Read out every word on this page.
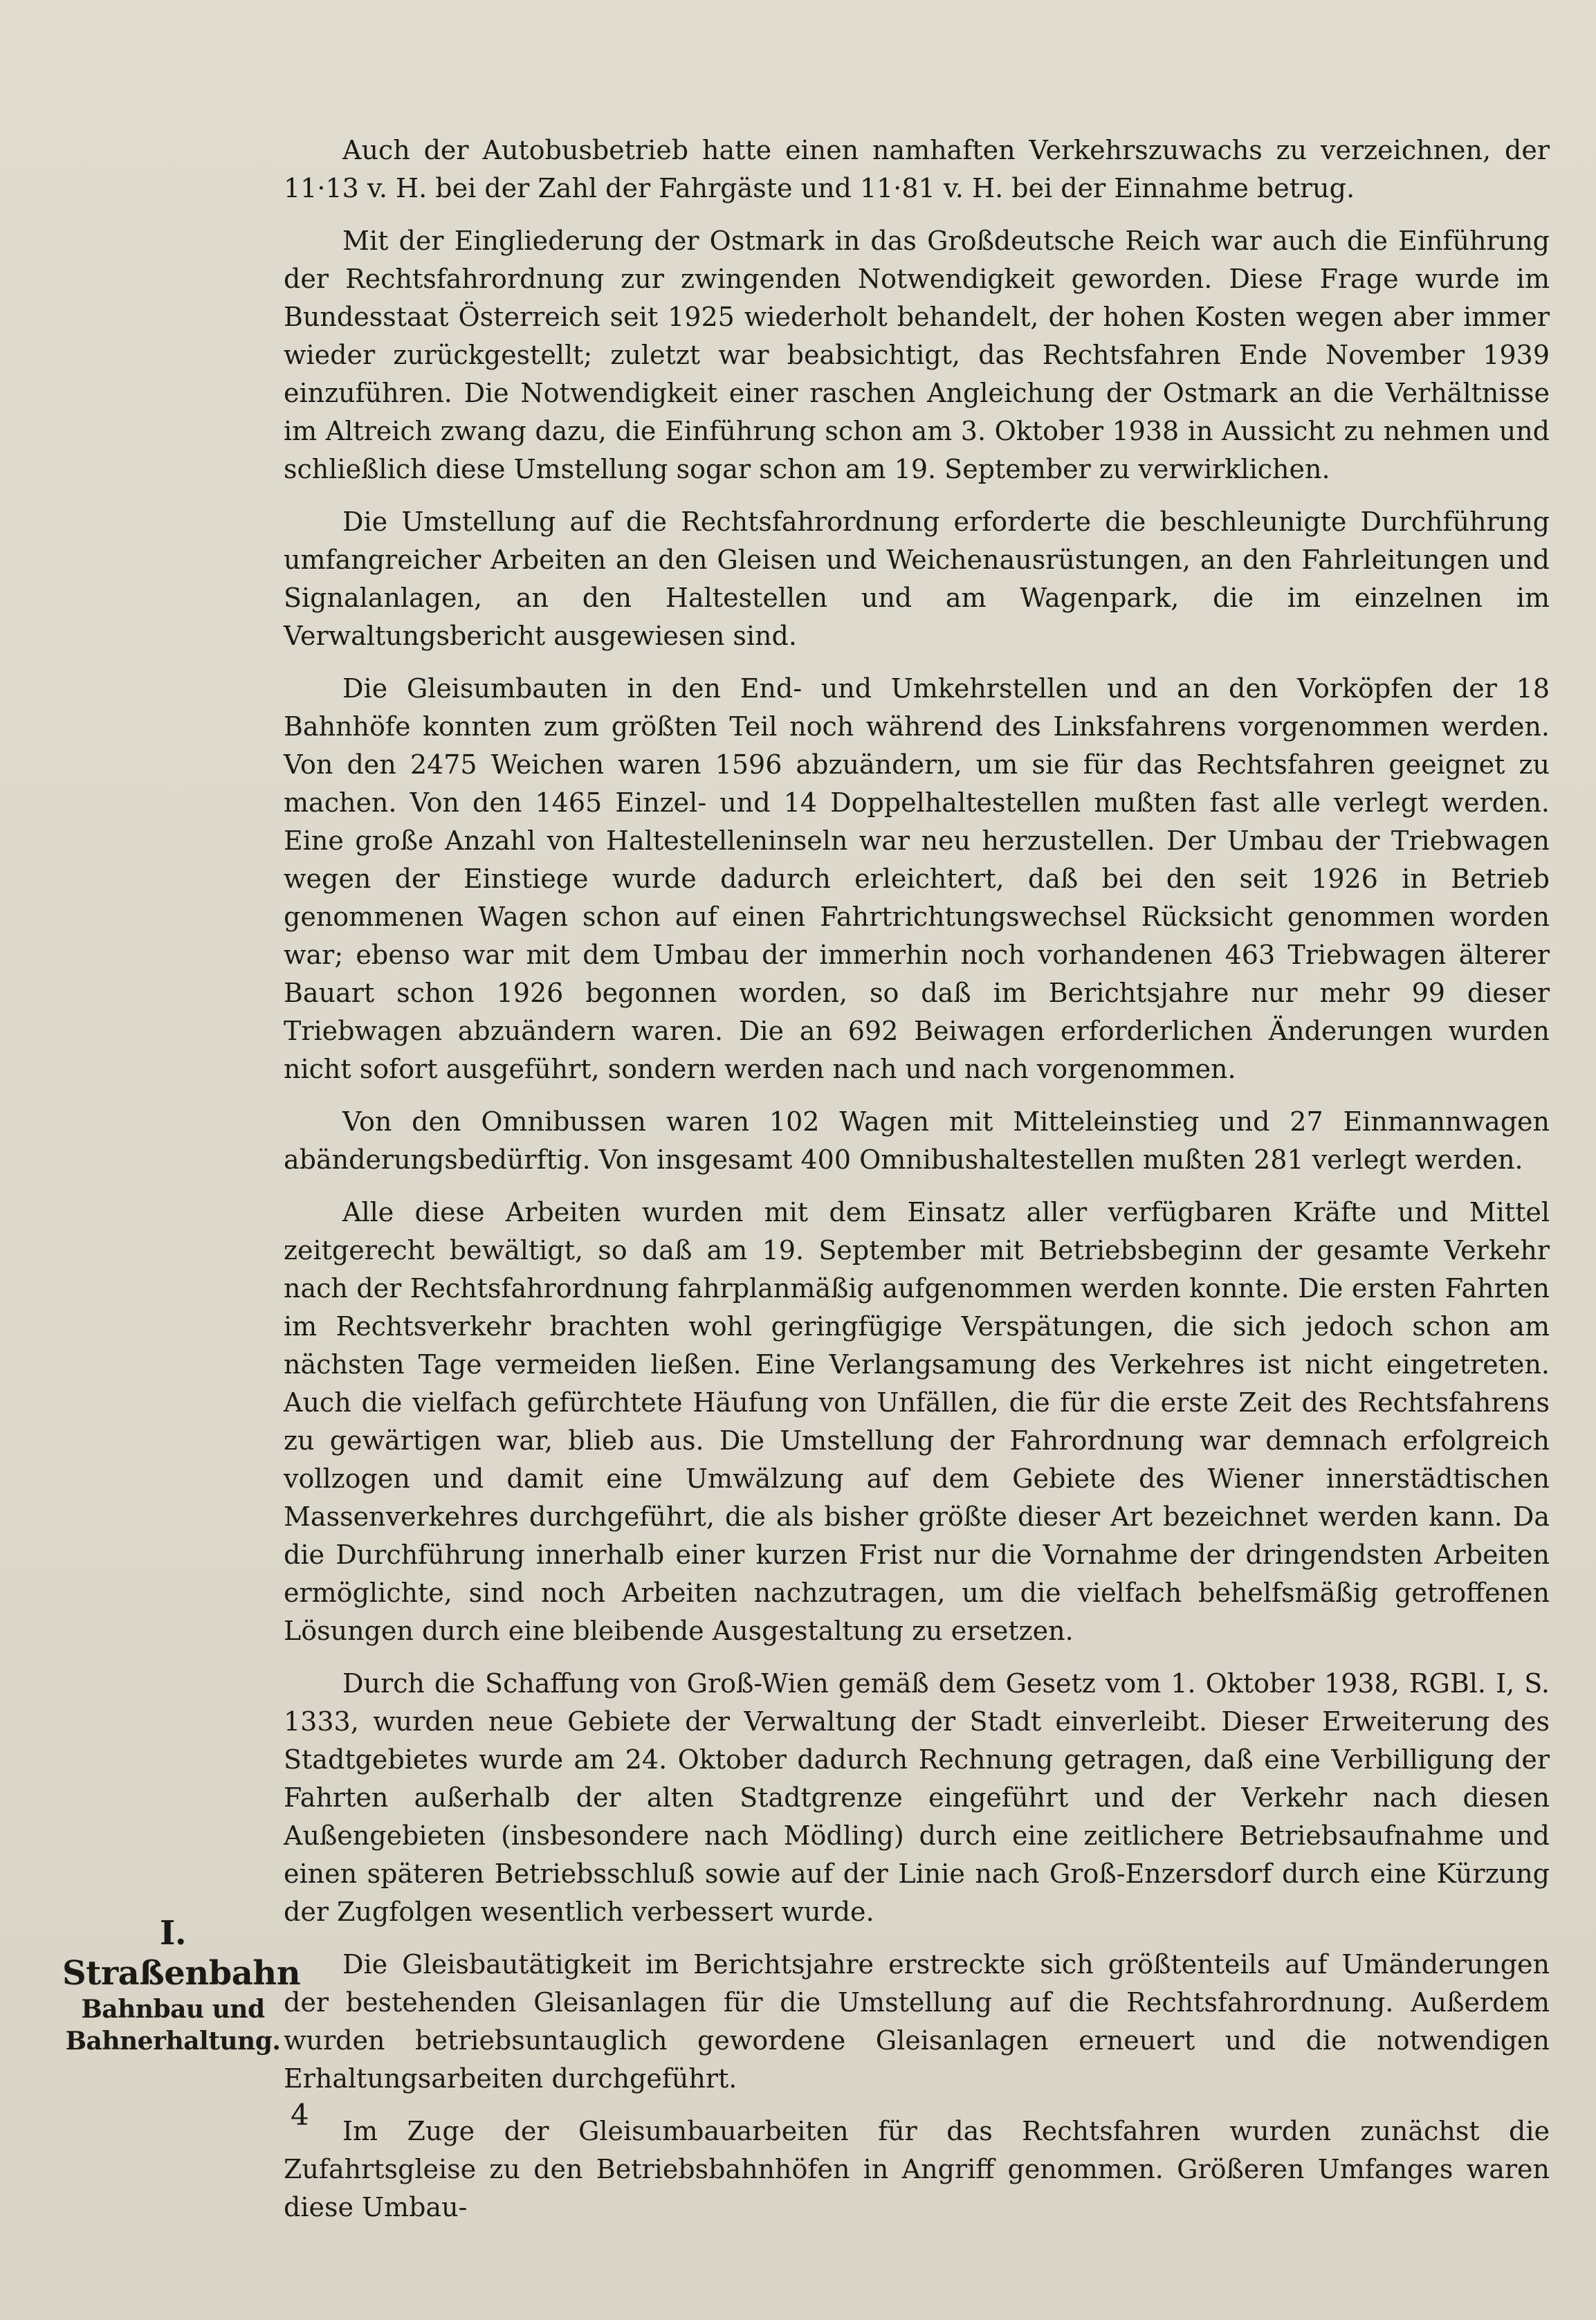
Auch der Autobusbetrieb hatte einen namhaften Verkehrszuwachs zu verzeichnen, der 11·13 v. H. bei der Zahl der Fahrgäste und 11·81 v. H. bei der Einnahme betrug.

Mit der Eingliederung der Ostmark in das Großdeutsche Reich war auch die Einführung der Rechtsfahrordnung zur zwingenden Notwendigkeit geworden. Diese Frage wurde im Bundesstaat Österreich seit 1925 wiederholt behandelt, der hohen Kosten wegen aber immer wieder zurückgestellt; zuletzt war beabsichtigt, das Rechtsfahren Ende November 1939 einzuführen. Die Notwendigkeit einer raschen Angleichung der Ostmark an die Verhältnisse im Altreich zwang dazu, die Einführung schon am 3. Oktober 1938 in Aussicht zu nehmen und schließlich diese Umstellung sogar schon am 19. September zu verwirklichen.

Die Umstellung auf die Rechtsfahrordnung erforderte die beschleunigte Durchführung umfangreicher Arbeiten an den Gleisen und Weichenausrüstungen, an den Fahrleitungen und Signalanlagen, an den Haltestellen und am Wagenpark, die im einzelnen im Verwaltungsbericht ausgewiesen sind.

Die Gleisumbauten in den End- und Umkehrstellen und an den Vorköpfen der 18 Bahnhöfe konnten zum größten Teil noch während des Linksfahrens vorgenommen werden. Von den 2475 Weichen waren 1596 abzuändern, um sie für das Rechtsfahren geeignet zu machen. Von den 1465 Einzel- und 14 Doppelhaltestellen mußten fast alle verlegt werden. Eine große Anzahl von Haltestelleninseln war neu herzustellen. Der Umbau der Triebwagen wegen der Einstiege wurde dadurch erleichtert, daß bei den seit 1926 in Betrieb genommenen Wagen schon auf einen Fahrtrichtungswechsel Rücksicht genommen worden war; ebenso war mit dem Umbau der immerhin noch vorhandenen 463 Triebwagen älterer Bauart schon 1926 begonnen worden, so daß im Berichtsjahre nur mehr 99 dieser Triebwagen abzuändern waren. Die an 692 Beiwagen erforderlichen Änderungen wurden nicht sofort ausgeführt, sondern werden nach und nach vorgenommen.

Von den Omnibussen waren 102 Wagen mit Mitteleinstieg und 27 Einmannwagen abänderungsbedürftig. Von insgesamt 400 Omnibushaltestellen mußten 281 verlegt werden.

Alle diese Arbeiten wurden mit dem Einsatz aller verfügbaren Kräfte und Mittel zeitgerecht bewältigt, so daß am 19. September mit Betriebsbeginn der gesamte Verkehr nach der Rechtsfahrordnung fahrplanmäßig aufgenommen werden konnte. Die ersten Fahrten im Rechtsverkehr brachten wohl geringfügige Verspätungen, die sich jedoch schon am nächsten Tage vermeiden ließen. Eine Verlangsamung des Verkehres ist nicht eingetreten. Auch die vielfach gefürchtete Häufung von Unfällen, die für die erste Zeit des Rechtsfahrens zu gewärtigen war, blieb aus. Die Umstellung der Fahrordnung war demnach erfolgreich vollzogen und damit eine Umwälzung auf dem Gebiete des Wiener innerstädtischen Massenverkehres durchgeführt, die als bisher größte dieser Art bezeichnet werden kann. Da die Durchführung innerhalb einer kurzen Frist nur die Vornahme der dringendsten Arbeiten ermöglichte, sind noch Arbeiten nachzutragen, um die vielfach behelfsmäßig getroffenen Lösungen durch eine bleibende Ausgestaltung zu ersetzen.

Durch die Schaffung von Groß-Wien gemäß dem Gesetz vom 1. Oktober 1938, RGBl. I, S. 1333, wurden neue Gebiete der Verwaltung der Stadt einverleibt. Dieser Erweiterung des Stadtgebietes wurde am 24. Oktober dadurch Rechnung getragen, daß eine Verbilligung der Fahrten außerhalb der alten Stadtgrenze eingeführt und der Verkehr nach diesen Außengebieten (insbesondere nach Mödling) durch eine zeitlichere Betriebsaufnahme und einen späteren Betriebsschluß sowie auf der Linie nach Groß-Enzersdorf durch eine Kürzung der Zugfolgen wesentlich verbessert wurde.

Die Gleisbautätigkeit im Berichtsjahre erstreckte sich größtenteils auf Umänderungen der bestehenden Gleisanlagen für die Umstellung auf die Rechtsfahrordnung. Außerdem wurden betriebsuntauglich gewordene Gleisanlagen erneuert und die notwendigen Erhaltungsarbeiten durchgeführt.

Im Zuge der Gleisumbauarbeiten für das Rechtsfahren wurden zunächst die Zufahrtsgleise zu den Betriebsbahnhöfen in Angriff genommen. Größeren Umfanges waren diese Umbau-

I. Straßenbahn
Bahnbau und
Bahnerhaltung.
4
